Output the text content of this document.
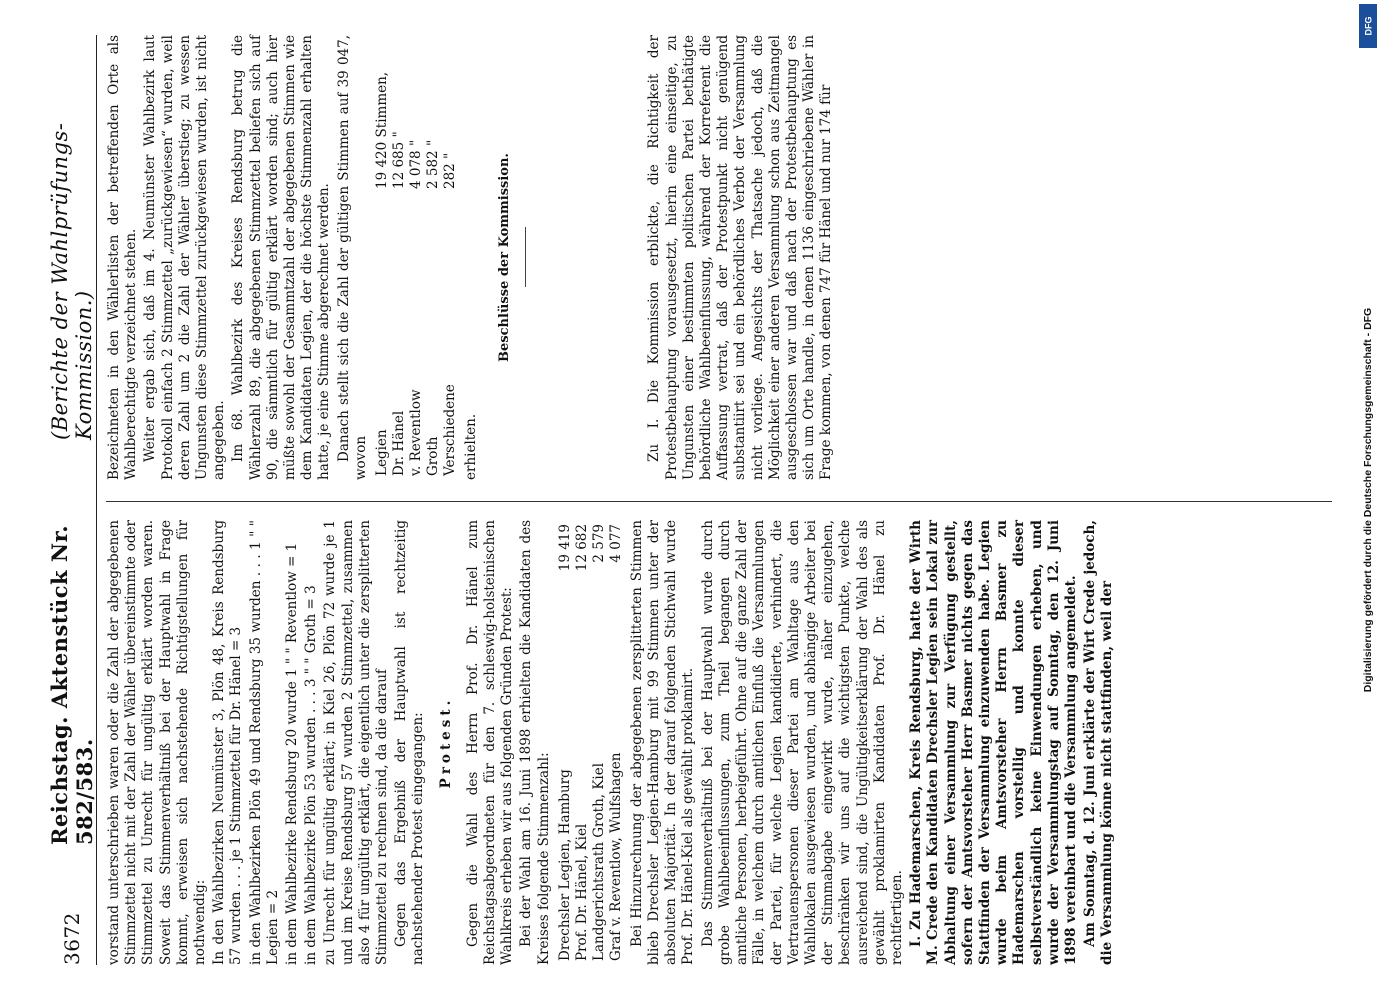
3672
Reichstag. Aktenstück Nr. 582/583.
(Berichte der Wahlprüfungs-Kommission.)

vorstand unterschrieben waren oder die Zahl der abgegebenen Stimmzettel nicht mit der Zahl der Wähler übereinstimmte oder Stimmzettel zu Unrecht für ungültig erklärt worden waren. Soweit das Stimmenverhältniß bei der Hauptwahl in Frage kommt, erweisen sich nachstehende Richtigstellungen für nothwendig: In den Wahlbezirken Neumünster 3, Plön 48, Kreis Rendsburg 57 wurden . . . je 1 Stimmzettel für Dr. Hänel = 3 in den Wahlbezirken Plön 49 und Rendsburg 35 wurden . . . 1 " " Legien = 2 in dem Wahlbezirke Rendsburg 20 wurde 1 " " Reventlow = 1 in dem Wahlbezirke Plön 53 wurden . . . 3 " " Groth = 3 zu Unrecht für ungültig erklärt; in Kiel 26, Plön 72 wurde je 1 und im Kreise Rendsburg 57 wurden 2 Stimmzettel, zusammen also 4 für ungültig erklärt, die eigentlich unter die zersplitterten Stimmzettel zu rechnen sind, da die darauf Gegen das Ergebniß der Hauptwahl ist rechtzeitig nachstehender Protest eingegangen: Protest. Gegen die Wahl des Herrn Prof. Dr. Hänel zum Reichstagsabgeordneten für den 7. schleswig-holsteinischen Wahlkreis erheben wir aus folgenden Gründen Protest: Bei der Wahl am 16. Juni 1898 erhielten die Kandidaten des Kreises folgende Stimmenzahl: Drechsler Legien, Hamburg	19 419
Prof. Dr. Hänel, Kiel	12 682
Landgerichtsrath Groth, Kiel	2 579
Graf v. Reventlow, Wulfshagen	4 077 Bei Hinzurechnung der abgegebenen zersplitterten Stimmen blieb Drechsler Legien-Hamburg mit 99 Stimmen unter der absoluten Majorität. In der darauf folgenden Stichwahl wurde Prof. Dr. Hänel-Kiel als gewählt proklamirt. Das Stimmenverhältniß bei der Hauptwahl wurde durch grobe Wahlbeeinflussungen, zum Theil begangen durch amtliche Personen, herbeigeführt. Ohne auf die ganze Zahl der Fälle, in welchem durch amtlichen Einfluß die Versammlungen der Partei, für welche Legien kandidierte, verhindert, die Vertrauenspersonen dieser Partei am Wahltage aus den Wahllokalen ausgewiesen wurden, und abhängige Arbeiter bei der Stimmabgabe eingewirkt wurde, näher einzugehen, beschränken wir uns auf die wichtigsten Punkte, welche ausreichend sind, die Ungültigkeitserklärung der Wahl des als gewählt proklamirten Kandidaten Prof. Dr. Hänel zu rechtfertigen. I. Zu Hademarschen, Kreis Rendsburg, hatte der Wirth M. Crede den Kandidaten Drechsler Legien sein Lokal zur Abhaltung einer Versammlung zur Verfügung gestellt, sofern der Amtsvorsteher Herr Basmer nichts gegen das Stattfinden der Versammlung einzuwenden habe. Legien wurde beim Amtsvorsteher Herrn Basmer zu Hademarschen vorstellig und konnte dieser selbstverständlich keine Einwendungen erheben, und wurde der Versammlungstag auf Sonntag, den 12. Juni 1898 vereinbart und die Versammlung angemeldet. Am Sonntag, d. 12. Juni erklärte der Wirt Crede jedoch, die Versammlung könne nicht stattfinden, weil der

Bezeichneten in den Wählerlisten der betreffenden Orte als Wahlberechtigte verzeichnet stehen. Weiter ergab sich, daß im 4. Neumünster Wahlbezirk laut Protokoll einfach 2 Stimmzettel „zurückgewiesen“ wurden, weil deren Zahl um 2 die Zahl der Wähler überstieg; zu wessen Ungunsten diese Stimmzettel zurückgewiesen wurden, ist nicht angegeben. Im 68. Wahlbezirk des Kreises Rendsburg betrug die Wählerzahl 89, die abgegebenen Stimmzettel beliefen sich auf 90, die sämmtlich für gültig erklärt worden sind; auch hier müßte sowohl der Gesammtzahl der abgegebenen Stimmen wie dem Kandidaten Legien, der die höchste Stimmenzahl erhalten hatte, je eine Stimme abgerechnet werden. Danach stellt sich die Zahl der gültigen Stimmen auf 39 047, wovon Legien	19 420 Stimmen,
Dr. Hänel	12 685 "
v. Reventlow	4 078 "
Groth	2 582 "
Verschiedene	282 "

erhielten.

Beschlüsse der Kommission.	Zu I. Die Kommission erblickte, die Richtigkeit der Protestbehauptung vorausgesetzt, hierin eine einseitige, zu Ungunsten einer bestimmten politischen Partei bethätigte behördliche Wahlbeeinflussung, während der Korreferent die Auffassung vertrat, daß der Protestpunkt nicht genügend substantiirt sei und ein behördliches Verbot der Versammlung nicht vorliege. Angesichts der Thatsache jedoch, daß die Möglichkeit einer anderen Versammlung schon aus Zeitmangel ausgeschlossen war und daß nach der Protestbehauptung es sich um Orte handle, in denen 1136 eingeschriebene Wähler in Frage kommen, von denen 747 für Hänel und nur 174 für

Digitalisierung gefördert durch die Deutsche Forschungsgemeinschaft - DFG
DFG
